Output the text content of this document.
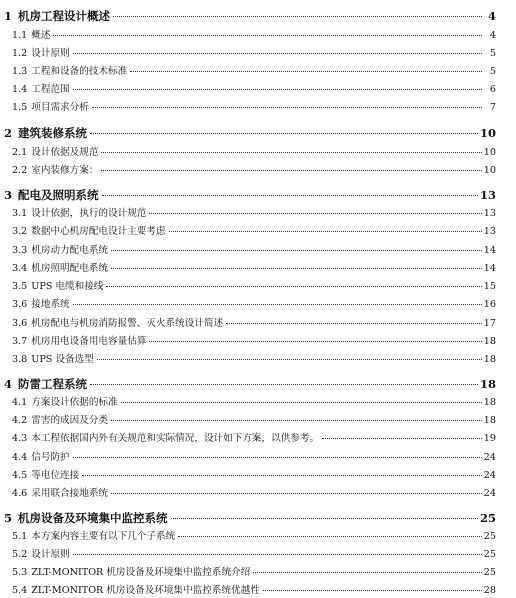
1 机房工程设计概述	4
1.1 概述	4
1.2 设计原则	5
1.3 工程和设备的技术标准	5
1.4 工程范围	6
1.5 项目需求分析	7
2 建筑装修系统	10
2.1 设计依据及规范	10
2.2 室内装修方案：	10
3 配电及照明系统	13
3.1 设计依据，执行的设计规范	13
3.2 数据中心机房配电设计主要考虑	13
3.3 机房动力配电系统	14
3.4 机房照明配电系统	14
3.5 UPS 电缆和接线	15
3.6 接地系统	16
3.6 机房配电与机房消防报警、灭火系统设计简述	17
3.7 机房用电设备用电容量估算	18
3.8 UPS 设备选型	18
4 防雷工程系统	18
4.1 方案设计依据的标准	18
4.2 雷害的成因及分类	18
4.3 本工程依据国内外有关规范和实际情况，设计如下方案，以供参考。	19
4.4 信号防护	24
4.5 等电位连接	24
4.6 采用联合接地系统	24
5 机房设备及环境集中监控系统	25
5.1 本方案内容主要有以下几个子系统	25
5.2 设计原则	25
5.3 ZLT-MONITOR 机房设备及环境集中监控系统介绍	25
5.4 ZLT-MONITOR 机房设备及环境集中监控系统优越性	28
